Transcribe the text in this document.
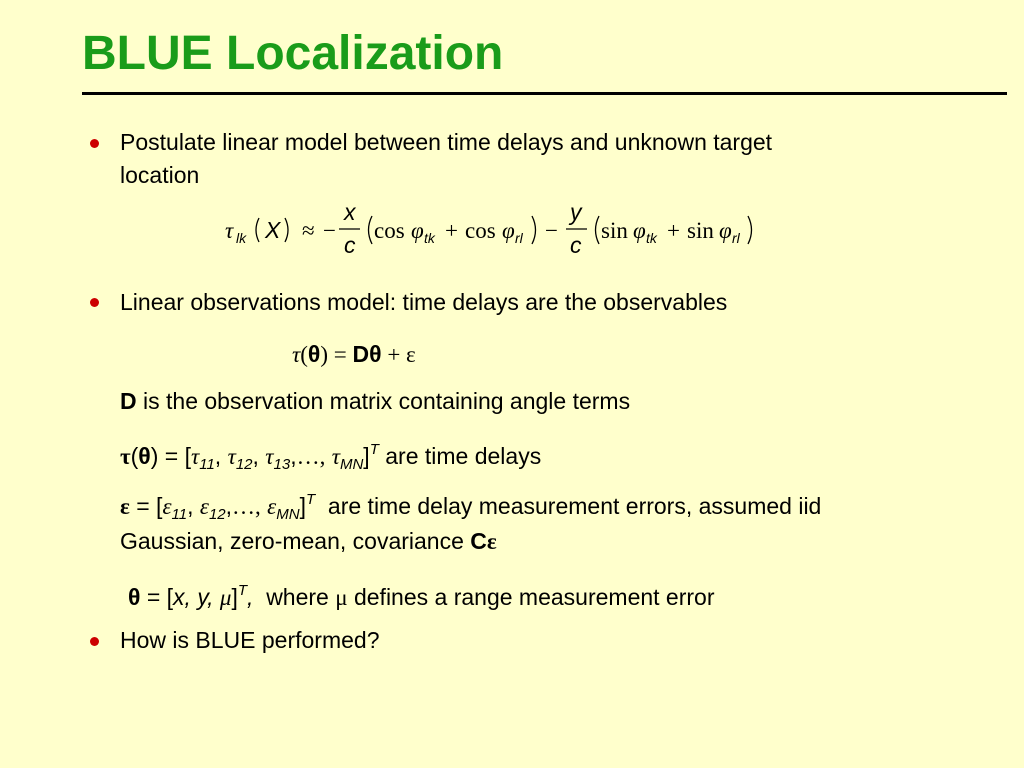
BLUE Localization
Postulate linear model between time delays and unknown target
location
τ lk X ≈ −
x
c
cos φ tk + cos φ rl −
y
c
sin φ tk + sin φ rl
Linear observations model: time delays are the observables
τ(θ) = Dθ + ε
D is the observation matrix containing angle terms
$\tau(\theta) = [\tau_{11}$, $\tau_{12}$, $\tau_{13},\dots$, $\tau_{MN}]^T$ are time delays
$\varepsilon = [\varepsilon_{11}$, $\varepsilon_{12},\dots$, $\varepsilon_{MN}]^T$ are time delay measurement errors, assumed iid
Gaussian, zero-mean, covariance Cε
θ = [x, y, μ]$^T$, where μ defines a range measurement error
How is BLUE performed?
